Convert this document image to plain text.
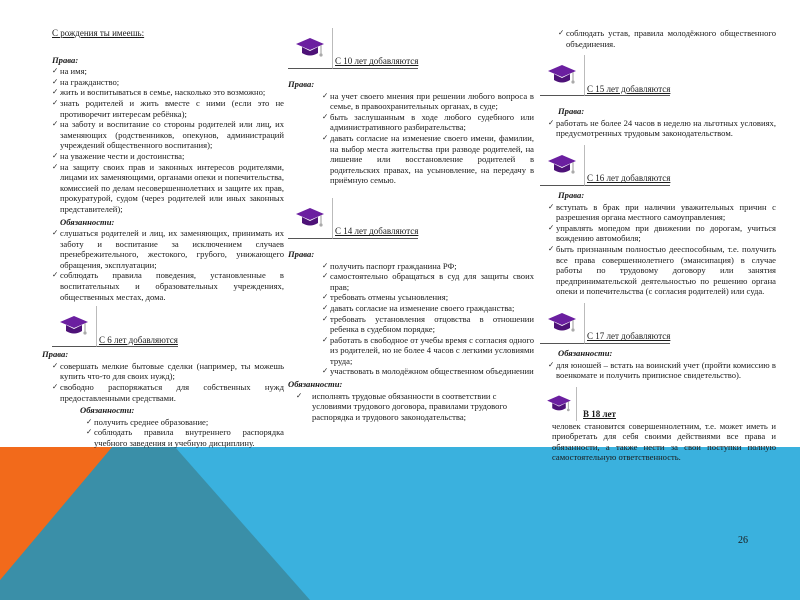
С рождения ты имеешь:
Права:
✓ на имя;
✓ на гражданство;
✓ жить и воспитываться в семье, насколько это возможно;
✓ знать родителей и жить вместе с ними (если это не противоречит интересам ребёнка);
✓ на заботу и воспитание со стороны родителей или лиц, их заменяющих (родственников, опекунов, администраций учреждений общественного воспитания);
✓ на уважение чести и достоинства;
✓ на защиту своих прав и законных интересов родителями, лицами их заменяющими, органами опеки и попечительства, комиссией по делам несовершеннолетних и защите их прав, прокуратурой, судом (через родителей или иных законных представителей);
Обязанности:
✓ слушаться родителей и лиц, их заменяющих, принимать их заботу и воспитание за исключением случаев пренебрежительного, жестокого, грубого, унижающего обращения, эксплуатации;
✓ соблюдать правила поведения, установленные в воспитательных и образовательных учреждениях, общественных местах, дома.
С 6 лет добавляются
Права:
✓ совершать мелкие бытовые сделки (например, ты можешь купить что-то для своих нужд);
✓ свободно распоряжаться для собственных нужд предоставленными средствами.
Обязанности:
✓ получить среднее образование;
✓ соблюдать правила внутреннего распорядка учебного заведения и учебную дисциплину.
С 10 лет добавляются
Права:
✓ на учет своего мнения при решении любого вопроса в семье, в правоохранительных органах, в суде;
✓ быть заслушанным в ходе любого судебного или административного разбирательства;
✓ давать согласие на изменение своего имени, фамилии, на выбор места жительства при разводе родителей, на лишение или восстановление родителей в родительских правах, на усыновление, на передачу в приёмную семью.
С 14 лет добавляются
Права:
✓ получить паспорт гражданина РФ;
✓ самостоятельно обращаться в суд для защиты своих прав;
✓ требовать отмены усыновления;
✓ давать согласие на изменение своего гражданства;
✓ требовать установления отцовства в отношении ребенка в судебном порядке;
✓ работать в свободное от учебы время с согласия одного из родителей, но не более 4 часов с легкими условиями труда;
✓ участвовать в молодёжном общественном объединении
Обязанности:
✓ исполнять трудовые обязанности в соответствии с условиями трудового договора, правилами трудового распорядка и трудового законодательства;
✓ соблюдать устав, правила молодёжного общественного объединения.
С 15 лет добавляются
Права:
✓ работать не более 24 часов в неделю на льготных условиях, предусмотренных трудовым законодательством.
С 16 лет добавляются
Права:
✓ вступать в брак при наличии уважительных причин с разрешения органа местного самоуправления;
✓ управлять мопедом при движении по дорогам, учиться вождению автомобиля;
✓ быть признанным полностью дееспособным, т.е. получить все права совершеннолетнего (эмансипация) в случае работы по трудовому договору или занятия предпринимательской деятельностью по решению органа опеки и попечительства (с согласия родителей) или суда.
С 17 лет добавляются
Обязанности:
✓ для юношей – встать на воинский учет (пройти комиссию в военкомате и получить приписное свидетельство).
В 18 лет
человек становится совершеннолетним, т.е. может иметь и приобретать для себя своими действиями все права и обязанности, а также нести за свои поступки полную самостоятельную ответственность.
26
